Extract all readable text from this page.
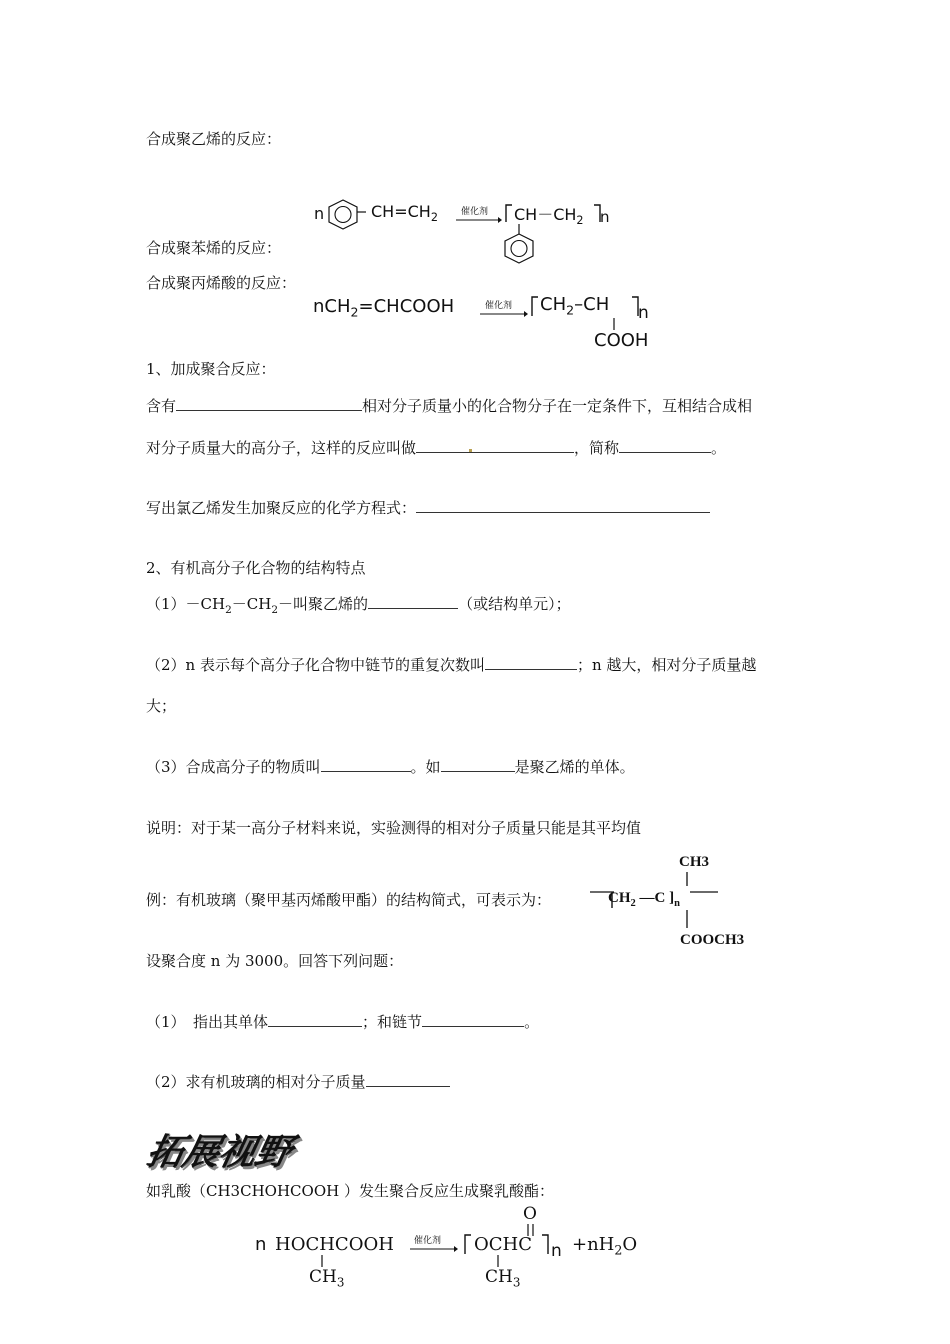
合成聚乙烯的反应：
n	$CH=CH_2$	催化剂 → $CH-CH_2$ n
合成聚苯烯的反应：
合成聚丙烯酸的反应：
nCH$_2$=CHCOOH	催化剂 → $CH_2-CH$ n
COOH
1、加成聚合反应：
含有	相对分子质量小的化合物分子在一定条件下，互相结合成相
对分子质量大的高分子，这样的反应叫做	，简称	。
写出氯乙烯发生加聚反应的化学方程式：
2、有机高分子化合物的结构特点
$(1)-CH_2-CH_2-$叫聚乙烯的	（或结构单元）；
（2）n 表示每个高分子化合物中链节的重复次数叫	；n 越大，相对分子质量越
大；
（3）合成高分子的物质叫	。如	是聚乙烯的单体。
说明：对于某一高分子材料来说，实验测得的相对分子质量只能是其平均值
CH3
例：有机玻璃（聚甲基丙烯酸甲酯）的结构简式，可表示为：	$CH_2$ —C ]$_n$
COOCH3
设聚合度 n 为 3000。回答下列问题：
（1）　指出其单体	；和链节	。
（2）求有机玻璃的相对分子质量
拓展视野
如乳酸（CH3CHOHCOOH ）发生聚合反应生成聚乳酸酯：
n HOCHCOOH
$CH_3$
催化剂
O
OCHC n
$CH_3$
$+nH_2O$
